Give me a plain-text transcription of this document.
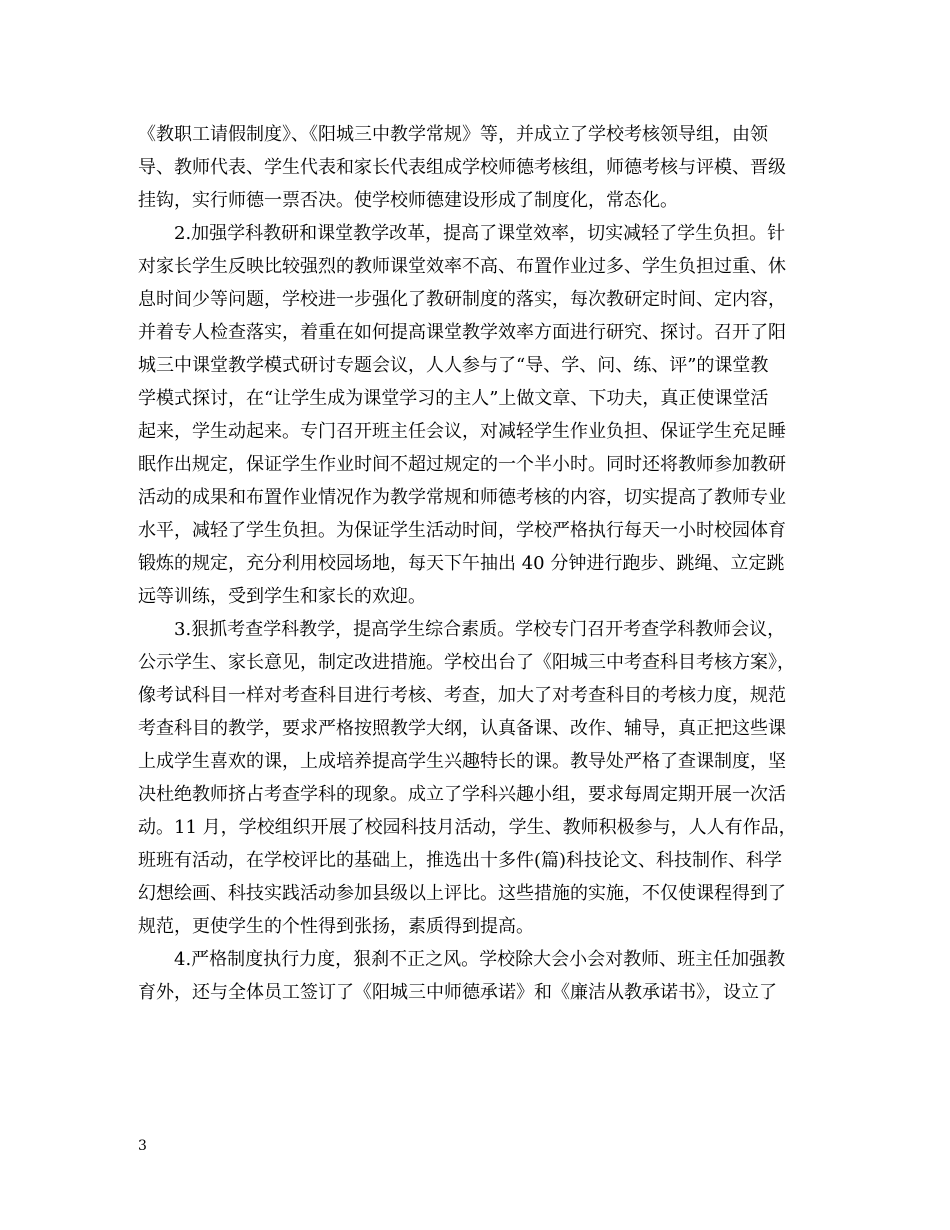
《教职工请假制度》、《阳城三中教学常规》等，并成立了学校考核领导组，由领
导、教师代表、学生代表和家长代表组成学校师德考核组，师德考核与评模、晋级
挂钩，实行师德一票否决。使学校师德建设形成了制度化，常态化。
2.加强学科教研和课堂教学改革，提高了课堂效率，切实减轻了学生负担。针
对家长学生反映比较强烈的教师课堂效率不高、布置作业过多、学生负担过重、休
息时间少等问题，学校进一步强化了教研制度的落实，每次教研定时间、定内容，
并着专人检查落实，着重在如何提高课堂教学效率方面进行研究、探讨。召开了阳
城三中课堂教学模式研讨专题会议，人人参与了“导、学、问、练、评”的课堂教
学模式探讨，在“让学生成为课堂学习的主人”上做文章、下功夫，真正使课堂活
起来，学生动起来。专门召开班主任会议，对减轻学生作业负担、保证学生充足睡
眠作出规定，保证学生作业时间不超过规定的一个半小时。同时还将教师参加教研
活动的成果和布置作业情况作为教学常规和师德考核的内容，切实提高了教师专业
水平，减轻了学生负担。为保证学生活动时间，学校严格执行每天一小时校园体育
锻炼的规定，充分利用校园场地，每天下午抽出 40 分钟进行跑步、跳绳、立定跳
远等训练，受到学生和家长的欢迎。
3.狠抓考查学科教学，提高学生综合素质。学校专门召开考查学科教师会议，
公示学生、家长意见，制定改进措施。学校出台了《阳城三中考查科目考核方案》，
像考试科目一样对考查科目进行考核、考查，加大了对考查科目的考核力度，规范
考查科目的教学，要求严格按照教学大纲，认真备课、改作、辅导，真正把这些课
上成学生喜欢的课，上成培养提高学生兴趣特长的课。教导处严格了查课制度，坚
决杜绝教师挤占考查学科的现象。成立了学科兴趣小组，要求每周定期开展一次活
动。11 月，学校组织开展了校园科技月活动，学生、教师积极参与，人人有作品，
班班有活动，在学校评比的基础上，推选出十多件(篇)科技论文、科技制作、科学
幻想绘画、科技实践活动参加县级以上评比。这些措施的实施，不仅使课程得到了
规范，更使学生的个性得到张扬，素质得到提高。
4.严格制度执行力度，狠刹不正之风。学校除大会小会对教师、班主任加强教
育外，还与全体员工签订了《阳城三中师德承诺》和《廉洁从教承诺书》，设立了
3
